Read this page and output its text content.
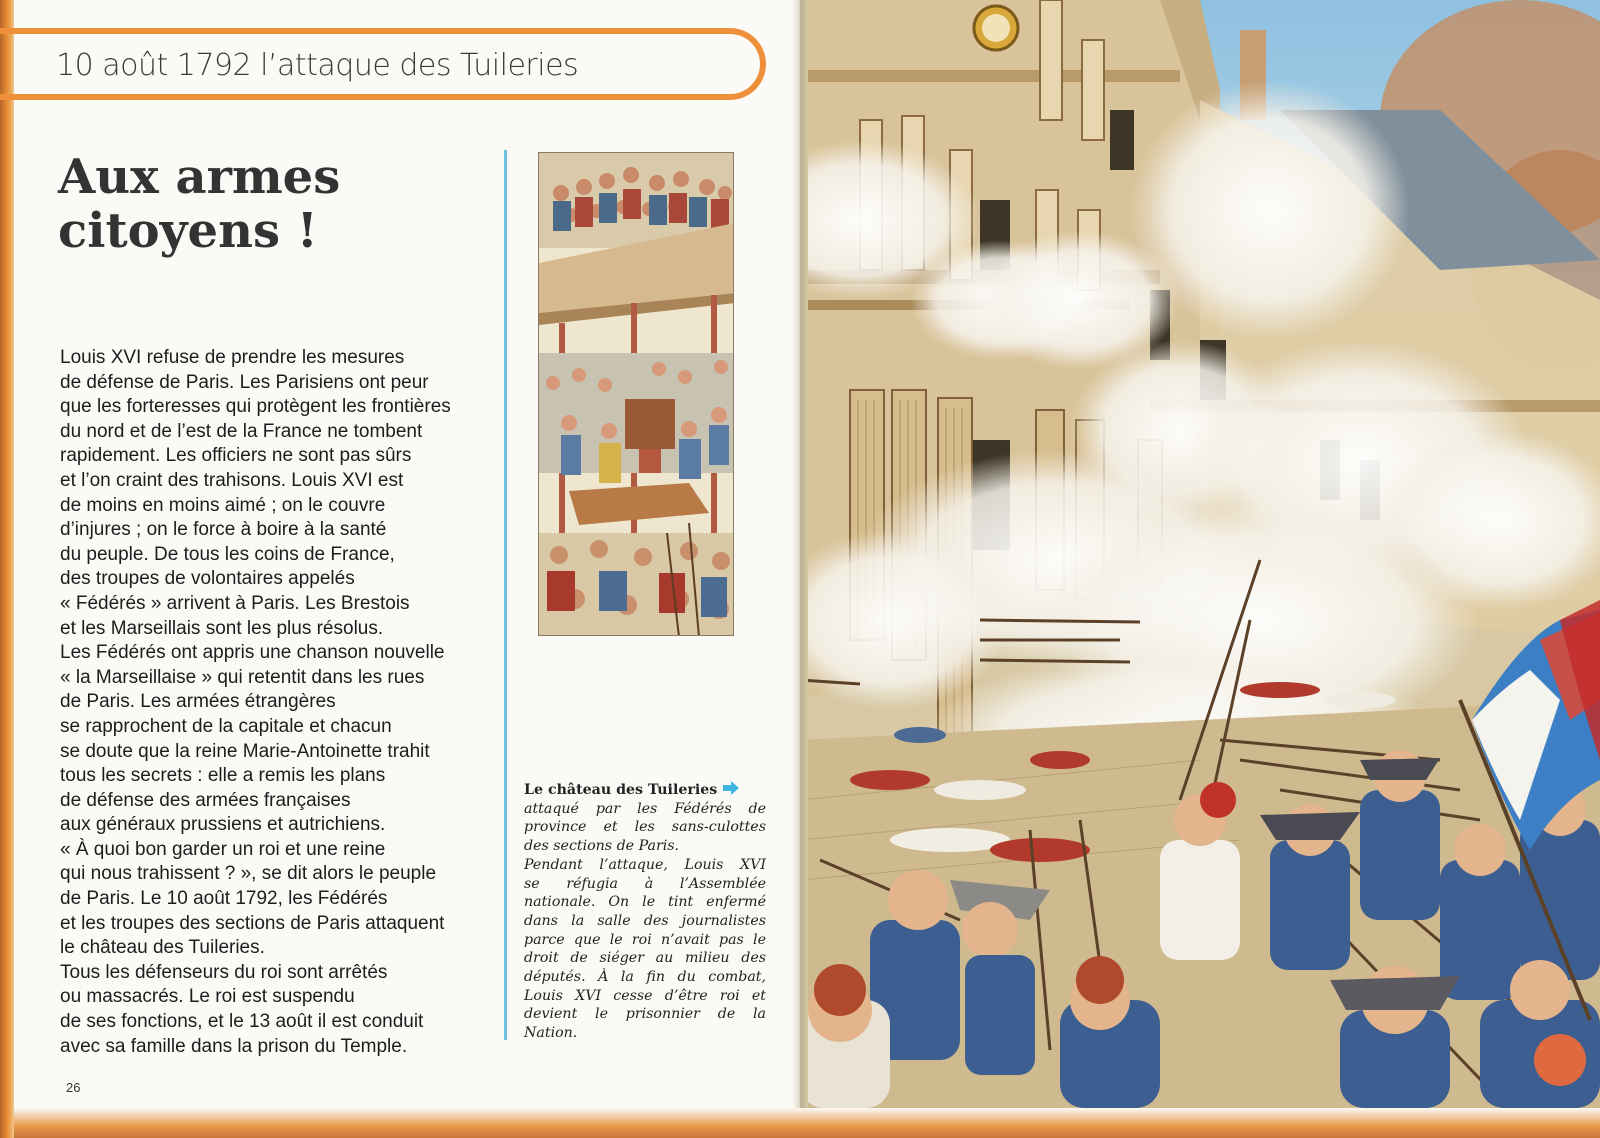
10 août 1792 l’attaque des Tuileries
Aux armes
citoyens !

Louis XVI refuse de prendre les mesures
de défense de Paris. Les Parisiens ont peur
que les forteresses qui protègent les frontières
du nord et de l’est de la France ne tombent
rapidement. Les officiers ne sont pas sûrs
et l’on craint des trahisons. Louis XVI est
de moins en moins aimé ; on le couvre
d’injures ; on le force à boire à la santé
du peuple. De tous les coins de France,
des troupes de volontaires appelés
« Fédérés » arrivent à Paris. Les Brestois
et les Marseillais sont les plus résolus.
Les Fédérés ont appris une chanson nouvelle
« la Marseillaise » qui retentit dans les rues
de Paris. Les armées étrangères
se rapprochent de la capitale et chacun
se doute que la reine Marie-Antoinette trahit
tous les secrets : elle a remis les plans
de défense des armées françaises
aux généraux prussiens et autrichiens.
« À quoi bon garder un roi et une reine
qui nous trahissent ? », se dit alors le peuple
de Paris. Le 10 août 1792, les Fédérés
et les troupes des sections de Paris attaquent
le château des Tuileries.
Tous les défenseurs du roi sont arrêtés
ou massacrés. Le roi est suspendu
de ses fonctions, et le 13 août il est conduit
avec sa famille dans la prison du Temple.

Le château des Tuileries
attaqué par les Fédérés de
province et les sans-culottes
des sections de Paris.
Pendant l’attaque, Louis XVI
se réfugia à l’Assemblée
nationale. On le tint enfermé
dans la salle des journalistes
parce que le roi n’avait pas le
droit de siéger au milieu des
députés. À la fin du combat,
Louis XVI cesse d’être roi et
devient le prisonnier de la
Nation.

26
